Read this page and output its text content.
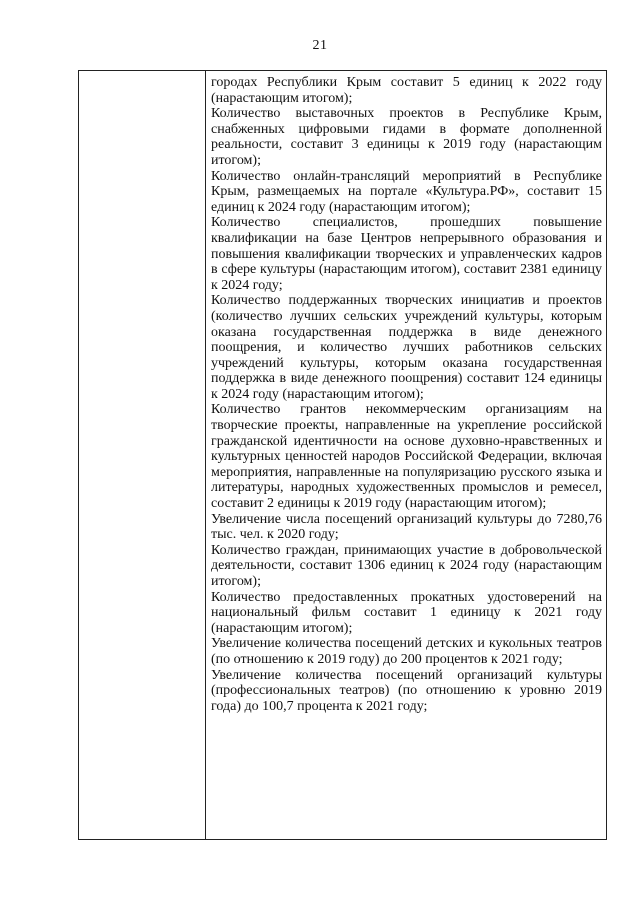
21

городах Республики Крым составит 5 единиц к 2022 году (нарастающим итогом);

Количество выставочных проектов в Республике Крым, снабженных цифровыми гидами в формате дополненной реальности, составит 3 единицы к 2019 году (нарастающим итогом);

Количество онлайн-трансляций мероприятий в Республике Крым, размещаемых на портале «Культура.РФ», составит 15 единиц к 2024 году (нарастающим итогом);

Количество специалистов, прошедших повышение квалификации на базе Центров непрерывного образования и повышения квалификации творческих и управленческих кадров в сфере культуры (нарастающим итогом), составит 2381 единицу к 2024 году;

Количество поддержанных творческих инициатив и проектов (количество лучших сельских учреждений культуры, которым оказана государственная поддержка в виде денежного поощрения, и количество лучших работников сельских учреждений культуры, которым оказана государственная поддержка в виде денежного поощрения) составит 124 единицы к 2024 году (нарастающим итогом);

Количество грантов некоммерческим организациям на творческие проекты, направленные на укрепление российской гражданской идентичности на основе духовно-нравственных и культурных ценностей народов Российской Федерации, включая мероприятия, направленные на популяризацию русского языка и литературы, народных художественных промыслов и ремесел, составит 2 единицы к 2019 году (нарастающим итогом);

Увеличение числа посещений организаций культуры до 7280,76 тыс. чел. к 2020 году;

Количество граждан, принимающих участие в добровольческой деятельности, составит 1306 единиц к 2024 году (нарастающим итогом);

Количество предоставленных прокатных удостоверений на национальный фильм составит 1 единицу к 2021 году (нарастающим итогом);

Увеличение количества посещений детских и кукольных театров (по отношению к 2019 году) до 200 процентов к 2021 году;

Увеличение количества посещений организаций культуры (профессиональных театров) (по отношению к уровню 2019 года) до 100,7 процента к 2021 году;
